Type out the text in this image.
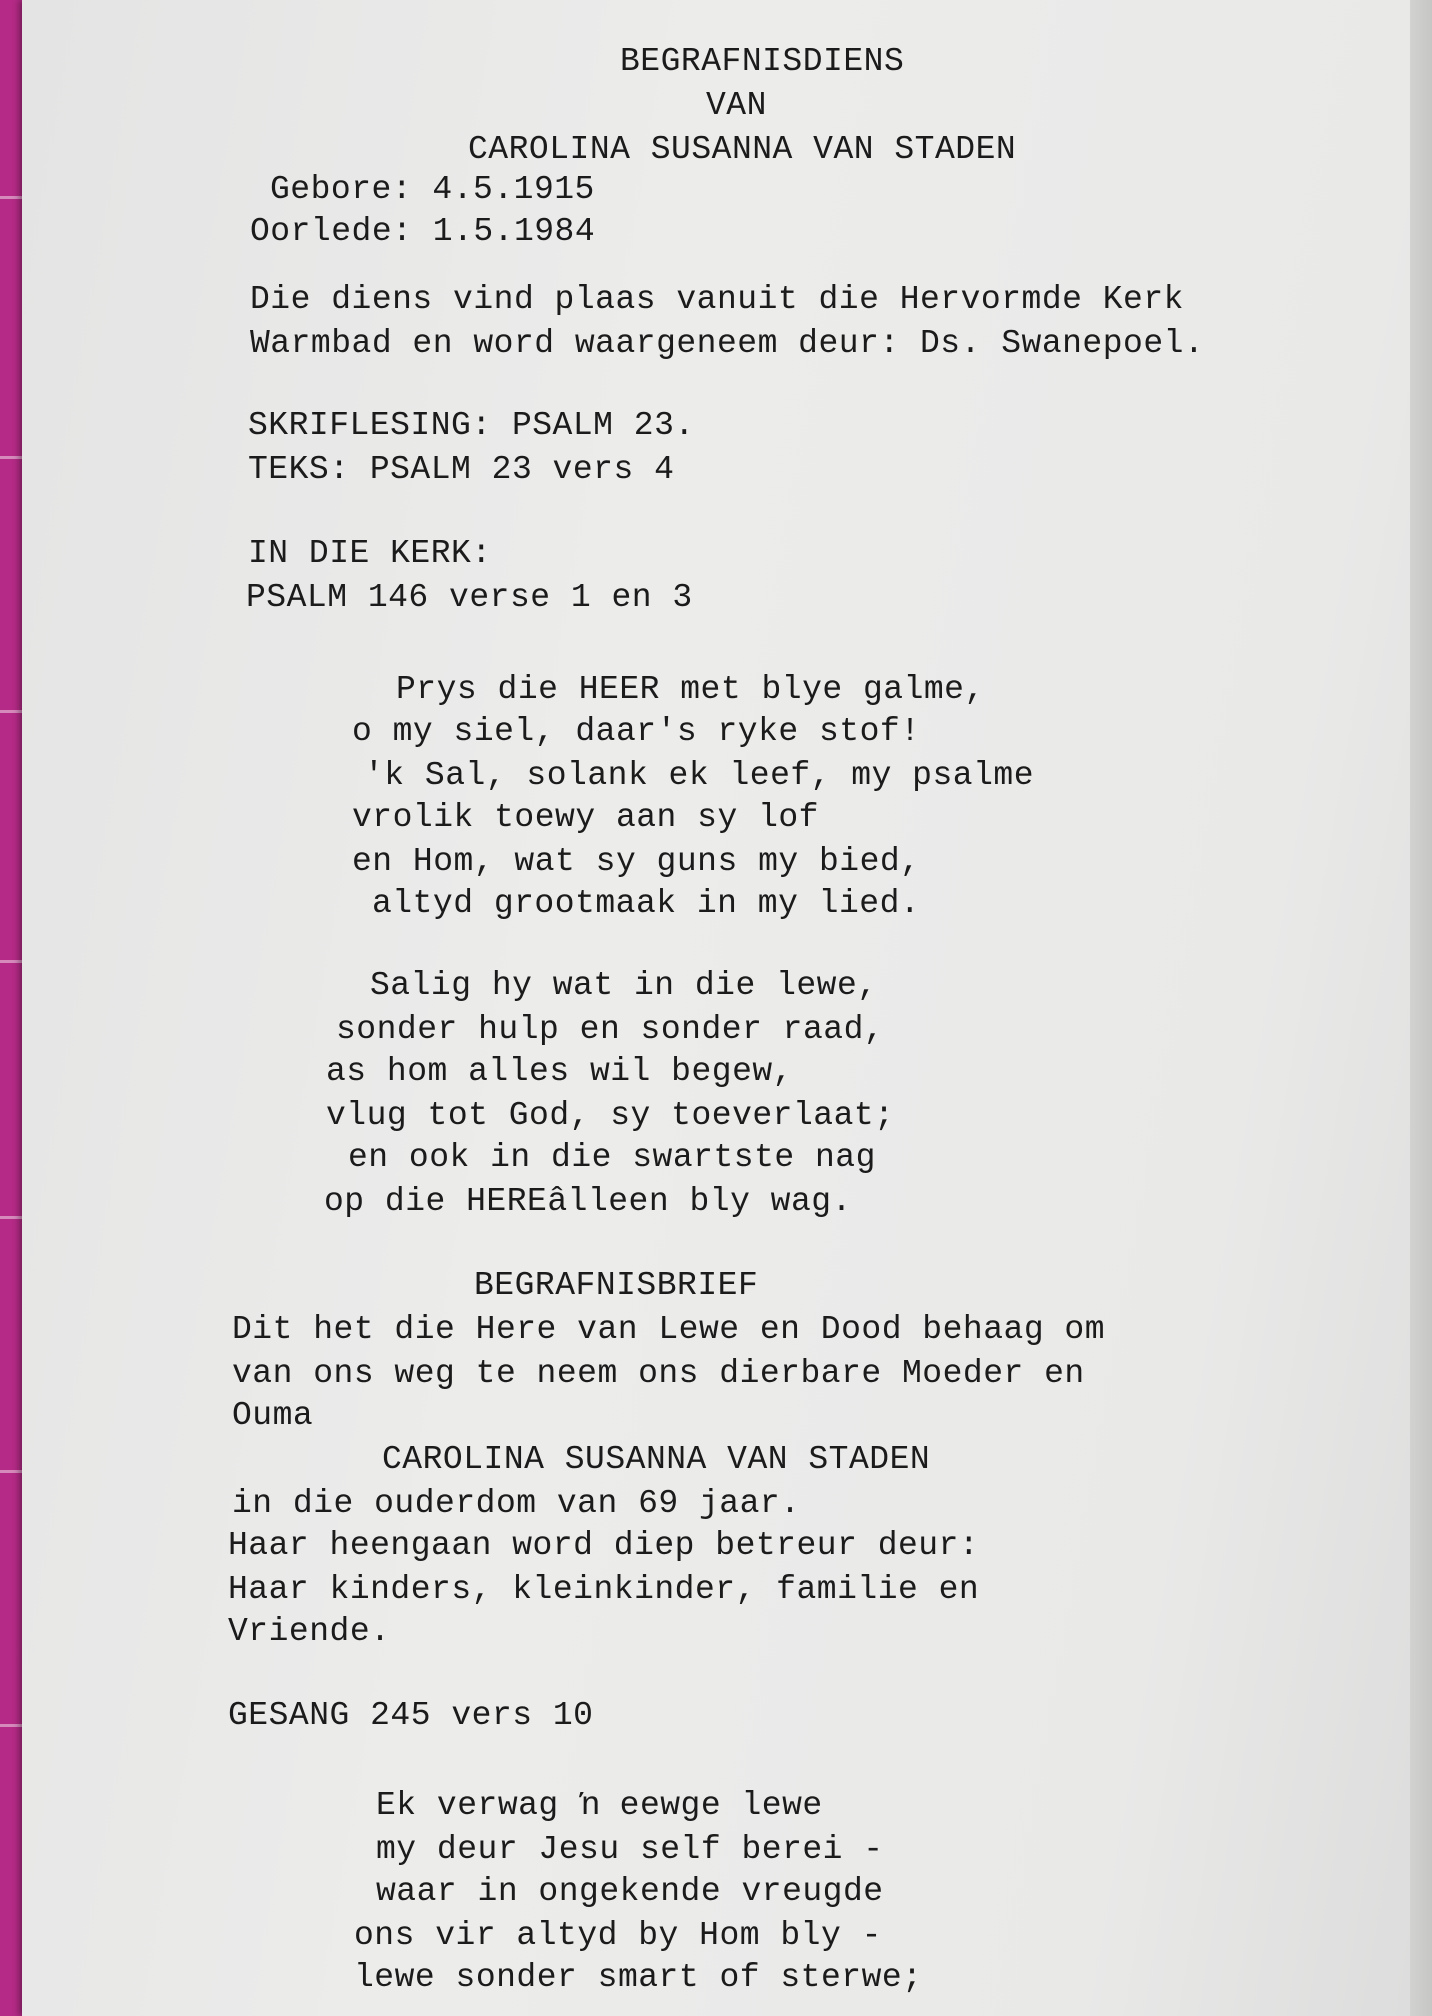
BEGRAFNISDIENS
VAN
CAROLINA SUSANNA VAN STADEN
Gebore: 4.5.1915
Oorlede: 1.5.1984
Die diens vind plaas vanuit die Hervormde Kerk
Warmbad en word waargeneem deur: Ds. Swanepoel.
SKRIFLESING: PSALM 23.
TEKS: PSALM 23 vers 4
IN DIE KERK:
PSALM 146 verse 1 en 3
Prys die HEER met blye galme,
o my siel, daar's ryke stof!
'k Sal, solank ek leef, my psalme
vrolik toewy aan sy lof
en Hom, wat sy guns my bied,
altyd grootmaak in my lied.
Salig hy wat in die lewe,
sonder hulp en sonder raad,
as hom alles wil begew,
vlug tot God, sy toeverlaat;
en ook in die swartste nag
op die HEREâlleen bly wag.
BEGRAFNISBRIEF
Dit het die Here van Lewe en Dood behaag om
van ons weg te neem ons dierbare Moeder en
Ouma
CAROLINA SUSANNA VAN STADEN
in die ouderdom van 69 jaar.
Haar heengaan word diep betreur deur:
Haar kinders, kleinkinder, familie en
Vriende.
GESANG 245 vers 10
Ek verwag ŉ eewge lewe
my deur Jesu self berei -
waar in ongekende vreugde
ons vir altyd by Hom bly -
lewe sonder smart of sterwe;
